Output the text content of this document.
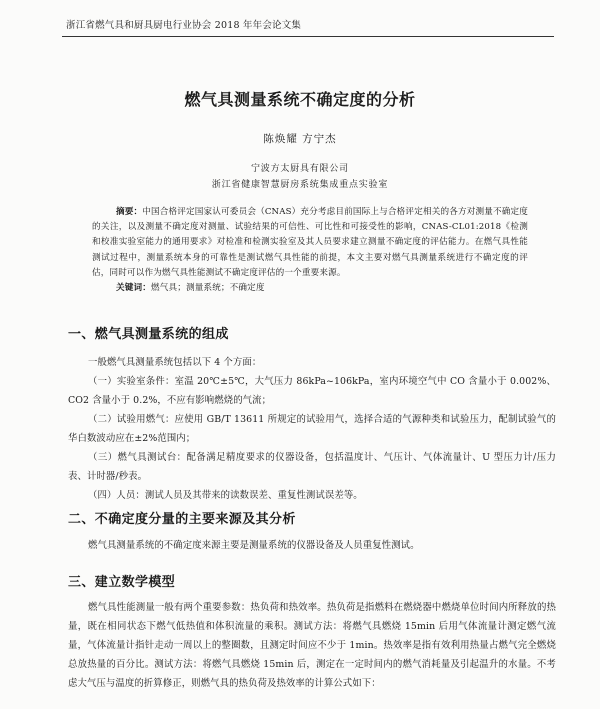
浙江省燃气具和厨具厨电行业协会 2018 年年会论文集
燃气具测量系统不确定度的分析
陈焕耀 方宁杰
宁波方太厨具有限公司
浙江省健康智慧厨房系统集成重点实验室
摘要：中国合格评定国家认可委员会（CNAS）充分考虑目前国际上与合格评定相关的各方对测量不确定度的关注，以及测量不确定度对测量、试验结果的可信性、可比性和可接受性的影响，CNAS-CL01:2018《检测和校准实验室能力的通用要求》对检准和检测实验室及其人员要求建立测量不确定度的评估能力。在燃气具性能测试过程中，测量系统本身的可靠性是测试燃气具性能的前提，本文主要对燃气具测量系统进行不确定度的评估，同时可以作为燃气具性能测试不确定度评估的一个重要来源。
关键词：燃气具；测量系统；不确定度
一、燃气具测量系统的组成

一般燃气具测量系统包括以下 4 个方面：

（一）实验室条件：室温 20℃±5℃，大气压力 86kPa~106kPa，室内环境空气中 CO 含量小于 0.002%、CO2 含量小于 0.2%，不应有影响燃烧的气流；

（二）试验用燃气：应使用 GB/T 13611 所规定的试验用气，选择合适的气源种类和试验压力，配制试验气的华白数波动应在±2%范围内；

（三）燃气具测试台：配备满足精度要求的仪器设备，包括温度计、气压计、气体流量计、U 型压力计/压力表、计时器/秒表。

（四）人员：测试人员及其带来的读数误差、重复性测试误差等。

二、不确定度分量的主要来源及其分析

燃气具测量系统的不确定度来源主要是测量系统的仪器设备及人员重复性测试。

三、建立数学模型

燃气具性能测量一般有两个重要参数：热负荷和热效率。热负荷是指燃料在燃烧器中燃烧单位时间内所释放的热量，既在相同状态下燃气低热值和体积流量的乘积。测试方法：将燃气具燃烧 15min 后用气体流量计测定燃气流量，气体流量计指针走动一周以上的整圈数，且测定时间应不少于 1min。热效率是指有效利用热量占燃气完全燃烧总放热量的百分比。测试方法：将燃气具燃烧 15min 后，测定在一定时间内的燃气消耗量及引起温升的水量。不考虑大气压与温度的折算修正，则燃气具的热负荷及热效率的计算公式如下：
